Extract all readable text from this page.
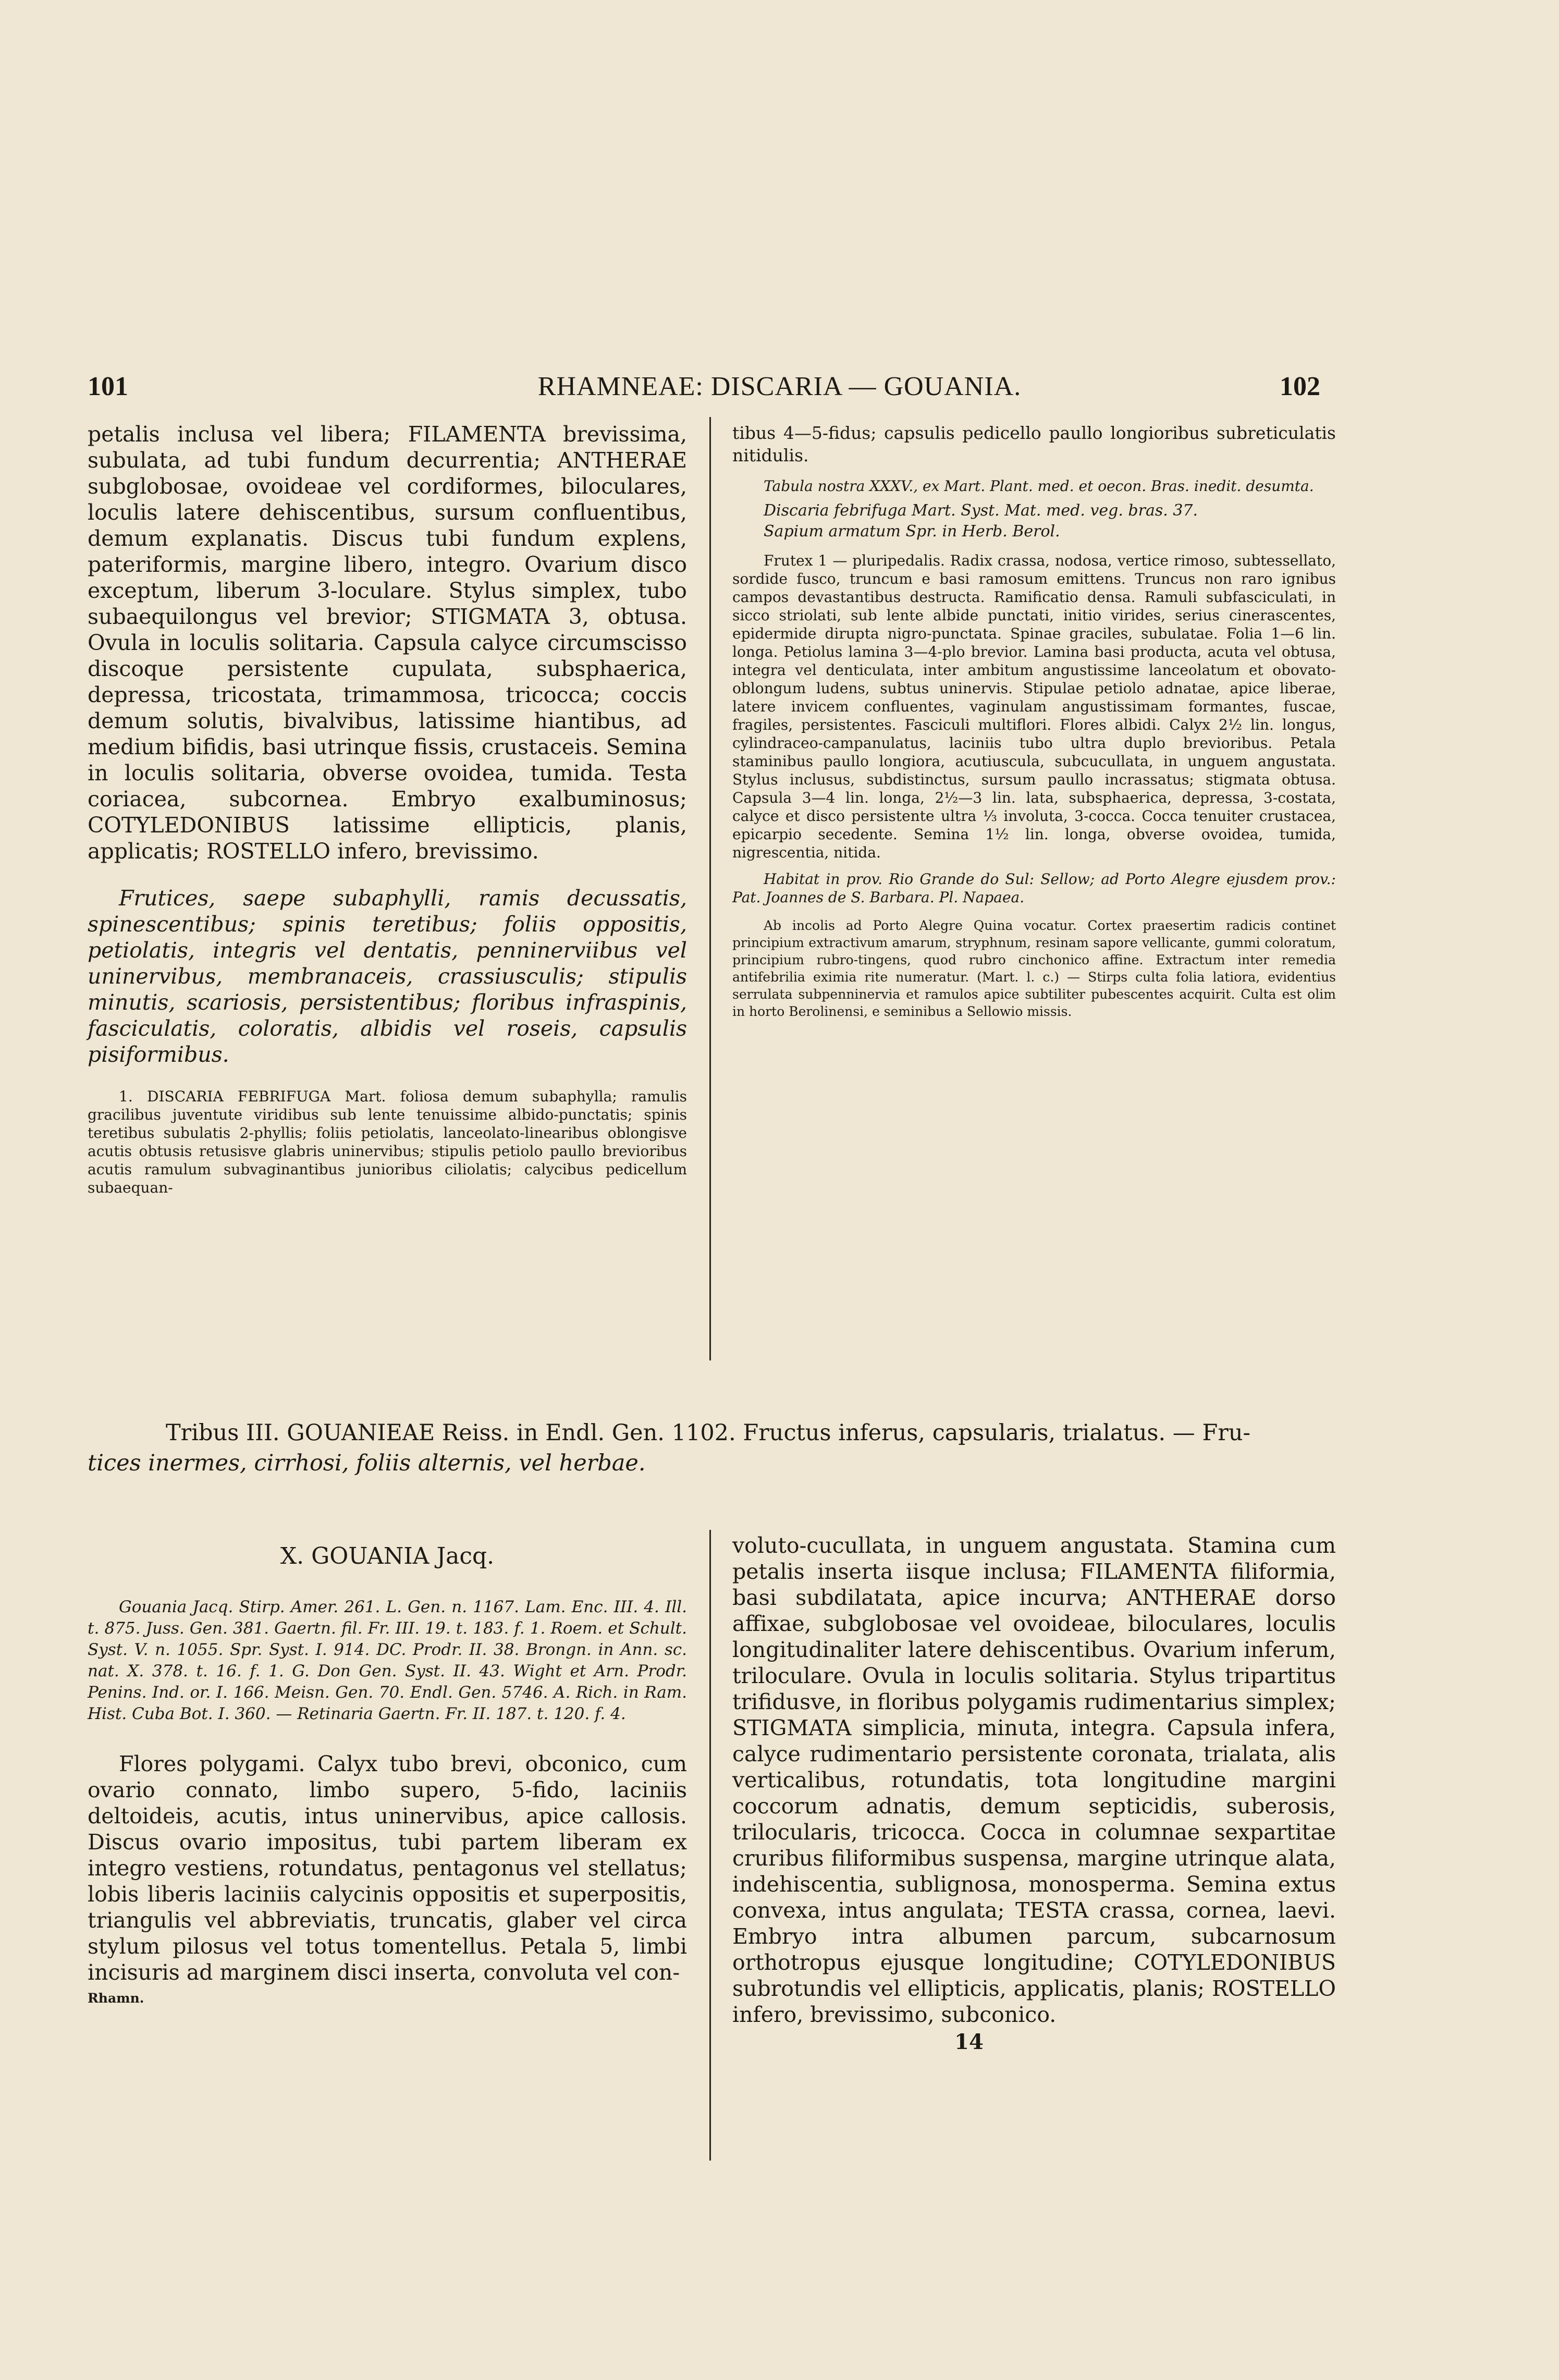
101	RHAMNEAE: DISCARIA — GOUANIA.	102

petalis inclusa vel libera; FILAMENTA brevissima, subulata, ad tubi fundum decurrentia; ANTHERAE subglobosae, ovoideae vel cordiformes, biloculares, loculis latere dehiscentibus, sursum confluentibus, demum explanatis. Discus tubi fundum explens, pateriformis, margine libero, integro. Ovarium disco exceptum, liberum 3-loculare. Stylus simplex, tubo subaequilongus vel brevior; STIGMATA 3, obtusa. Ovula in loculis solitaria. Capsula calyce circumscisso discoque persistente cupulata, subsphaerica, depressa, tricostata, trimammosa, tricocca; coccis demum solutis, bivalvibus, latissime hiantibus, ad medium bifidis, basi utrinque fissis, crustaceis. Semina in loculis solitaria, obverse ovoidea, tumida. Testa coriacea, subcornea. Embryo exalbuminosus; COTYLEDONIBUS latissime ellipticis, planis, applicatis; ROSTELLO infero, brevissimo.

Frutices, saepe subaphylli, ramis decussatis, spinescentibus; spinis teretibus; foliis oppositis, petiolatis, integris vel dentatis, penninerviibus vel uninervibus, membranaceis, crassiusculis; stipulis minutis, scariosis, persistentibus; floribus infraspinis, fasciculatis, coloratis, albidis vel roseis, capsulis pisiformibus.

1. DISCARIA FEBRIFUGA Mart. foliosa demum subaphylla; ramulis gracilibus juventute viridibus sub lente tenuissime albido-punctatis; spinis teretibus subulatis 2-phyllis; foliis petiolatis, lanceolato-linearibus oblongisve acutis obtusis retusisve glabris uninervibus; stipulis petiolo paullo brevioribus acutis ramulum subvaginantibus junioribus ciliolatis; calycibus pedicellum subaequan-

tibus 4—5-fidus; capsulis pedicello paullo longioribus subreticulatis nitidulis.

Tabula nostra XXXV., ex Mart. Plant. med. et oecon. Bras. inedit. desumta.

Discaria febrifuga Mart. Syst. Mat. med. veg. bras. 37.

Sapium armatum Spr. in Herb. Berol.

Frutex 1 — pluripedalis. Radix crassa, nodosa, vertice rimoso, subtessellato, sordide fusco, truncum e basi ramosum emittens. Truncus non raro ignibus campos devastantibus destructa. Ramificatio densa. Ramuli subfasciculati, in sicco striolati, sub lente albide punctati, initio virides, serius cinerascentes, epidermide dirupta nigro-punctata. Spinae graciles, subulatae. Folia 1—6 lin. longa. Petiolus lamina 3—4-plo brevior. Lamina basi producta, acuta vel obtusa, integra vel denticulata, inter ambitum angustissime lanceolatum et obovato-oblongum ludens, subtus uninervis. Stipulae petiolo adnatae, apice liberae, latere invicem confluentes, vaginulam angustissimam formantes, fuscae, fragiles, persistentes. Fasciculi multiflori. Flores albidi. Calyx 2½ lin. longus, cylindraceo-campanulatus, laciniis tubo ultra duplo brevioribus. Petala staminibus paullo longiora, acutiuscula, subcucullata, in unguem angustata. Stylus inclusus, subdistinctus, sursum paullo incrassatus; stigmata obtusa. Capsula 3—4 lin. longa, 2½—3 lin. lata, subsphaerica, depressa, 3-costata, calyce et disco persistente ultra ⅓ involuta, 3-cocca. Cocca tenuiter crustacea, epicarpio secedente. Semina 1½ lin. longa, obverse ovoidea, tumida, nigrescentia, nitida.

Habitat in prov. Rio Grande do Sul: Sellow; ad Porto Alegre ejusdem prov.: Pat. Joannes de S. Barbara. Pl. Napaea.

Ab incolis ad Porto Alegre Quina vocatur. Cortex praesertim radicis continet principium extractivum amarum, stryphnum, resinam sapore vellicante, gummi coloratum, principium rubro-tingens, quod rubro cinchonico affine. Extractum inter remedia antifebrilia eximia rite numeratur. (Mart. l. c.) — Stirps culta folia latiora, evidentius serrulata subpenninervia et ramulos apice subtiliter pubescentes acquirit. Culta est olim in horto Berolinensi, e seminibus a Sellowio missis.

Tribus III. GOUANIEAE Reiss. in Endl. Gen. 1102. Fructus inferus, capsularis, trialatus. — Fru-
tices inermes, cirrhosi, foliis alternis, vel herbae.
X. GOUANIA Jacq.

Gouania Jacq. Stirp. Amer. 261. L. Gen. n. 1167. Lam. Enc. III. 4. Ill. t. 875. Juss. Gen. 381. Gaertn. fil. Fr. III. 19. t. 183. f. 1. Roem. et Schult. Syst. V. n. 1055. Spr. Syst. I. 914. DC. Prodr. II. 38. Brongn. in Ann. sc. nat. X. 378. t. 16. f. 1. G. Don Gen. Syst. II. 43. Wight et Arn. Prodr. Penins. Ind. or. I. 166. Meisn. Gen. 70. Endl. Gen. 5746. A. Rich. in Ram. Hist. Cuba Bot. I. 360. — Retinaria Gaertn. Fr. II. 187. t. 120. f. 4.

Flores polygami. Calyx tubo brevi, obconico, cum ovario connato, limbo supero, 5-fido, laciniis deltoideis, acutis, intus uninervibus, apice callosis. Discus ovario impositus, tubi partem liberam ex integro vestiens, rotundatus, pentagonus vel stellatus; lobis liberis laciniis calycinis oppositis et superpositis, triangulis vel abbreviatis, truncatis, glaber vel circa stylum pilosus vel totus tomentellus. Petala 5, limbi incisuris ad marginem disci inserta, convoluta vel con-

Rhamn.

voluto-cucullata, in unguem angustata. Stamina cum petalis inserta iisque inclusa; FILAMENTA filiformia, basi subdilatata, apice incurva; ANTHERAE dorso affixae, subglobosae vel ovoideae, biloculares, loculis longitudinaliter latere dehiscentibus. Ovarium inferum, triloculare. Ovula in loculis solitaria. Stylus tripartitus trifidusve, in floribus polygamis rudimentarius simplex; STIGMATA simplicia, minuta, integra. Capsula infera, calyce rudimentario persistente coronata, trialata, alis verticalibus, rotundatis, tota longitudine margini coccorum adnatis, demum septicidis, suberosis, trilocularis, tricocca. Cocca in columnae sexpartitae cruribus filiformibus suspensa, margine utrinque alata, indehiscentia, sublignosa, monosperma. Semina extus convexa, intus angulata; TESTA crassa, cornea, laevi. Embryo intra albumen parcum, subcarnosum orthotropus ejusque longitudine; COTYLEDONIBUS subrotundis vel ellipticis, applicatis, planis; ROSTELLO infero, brevissimo, subconico.

14
